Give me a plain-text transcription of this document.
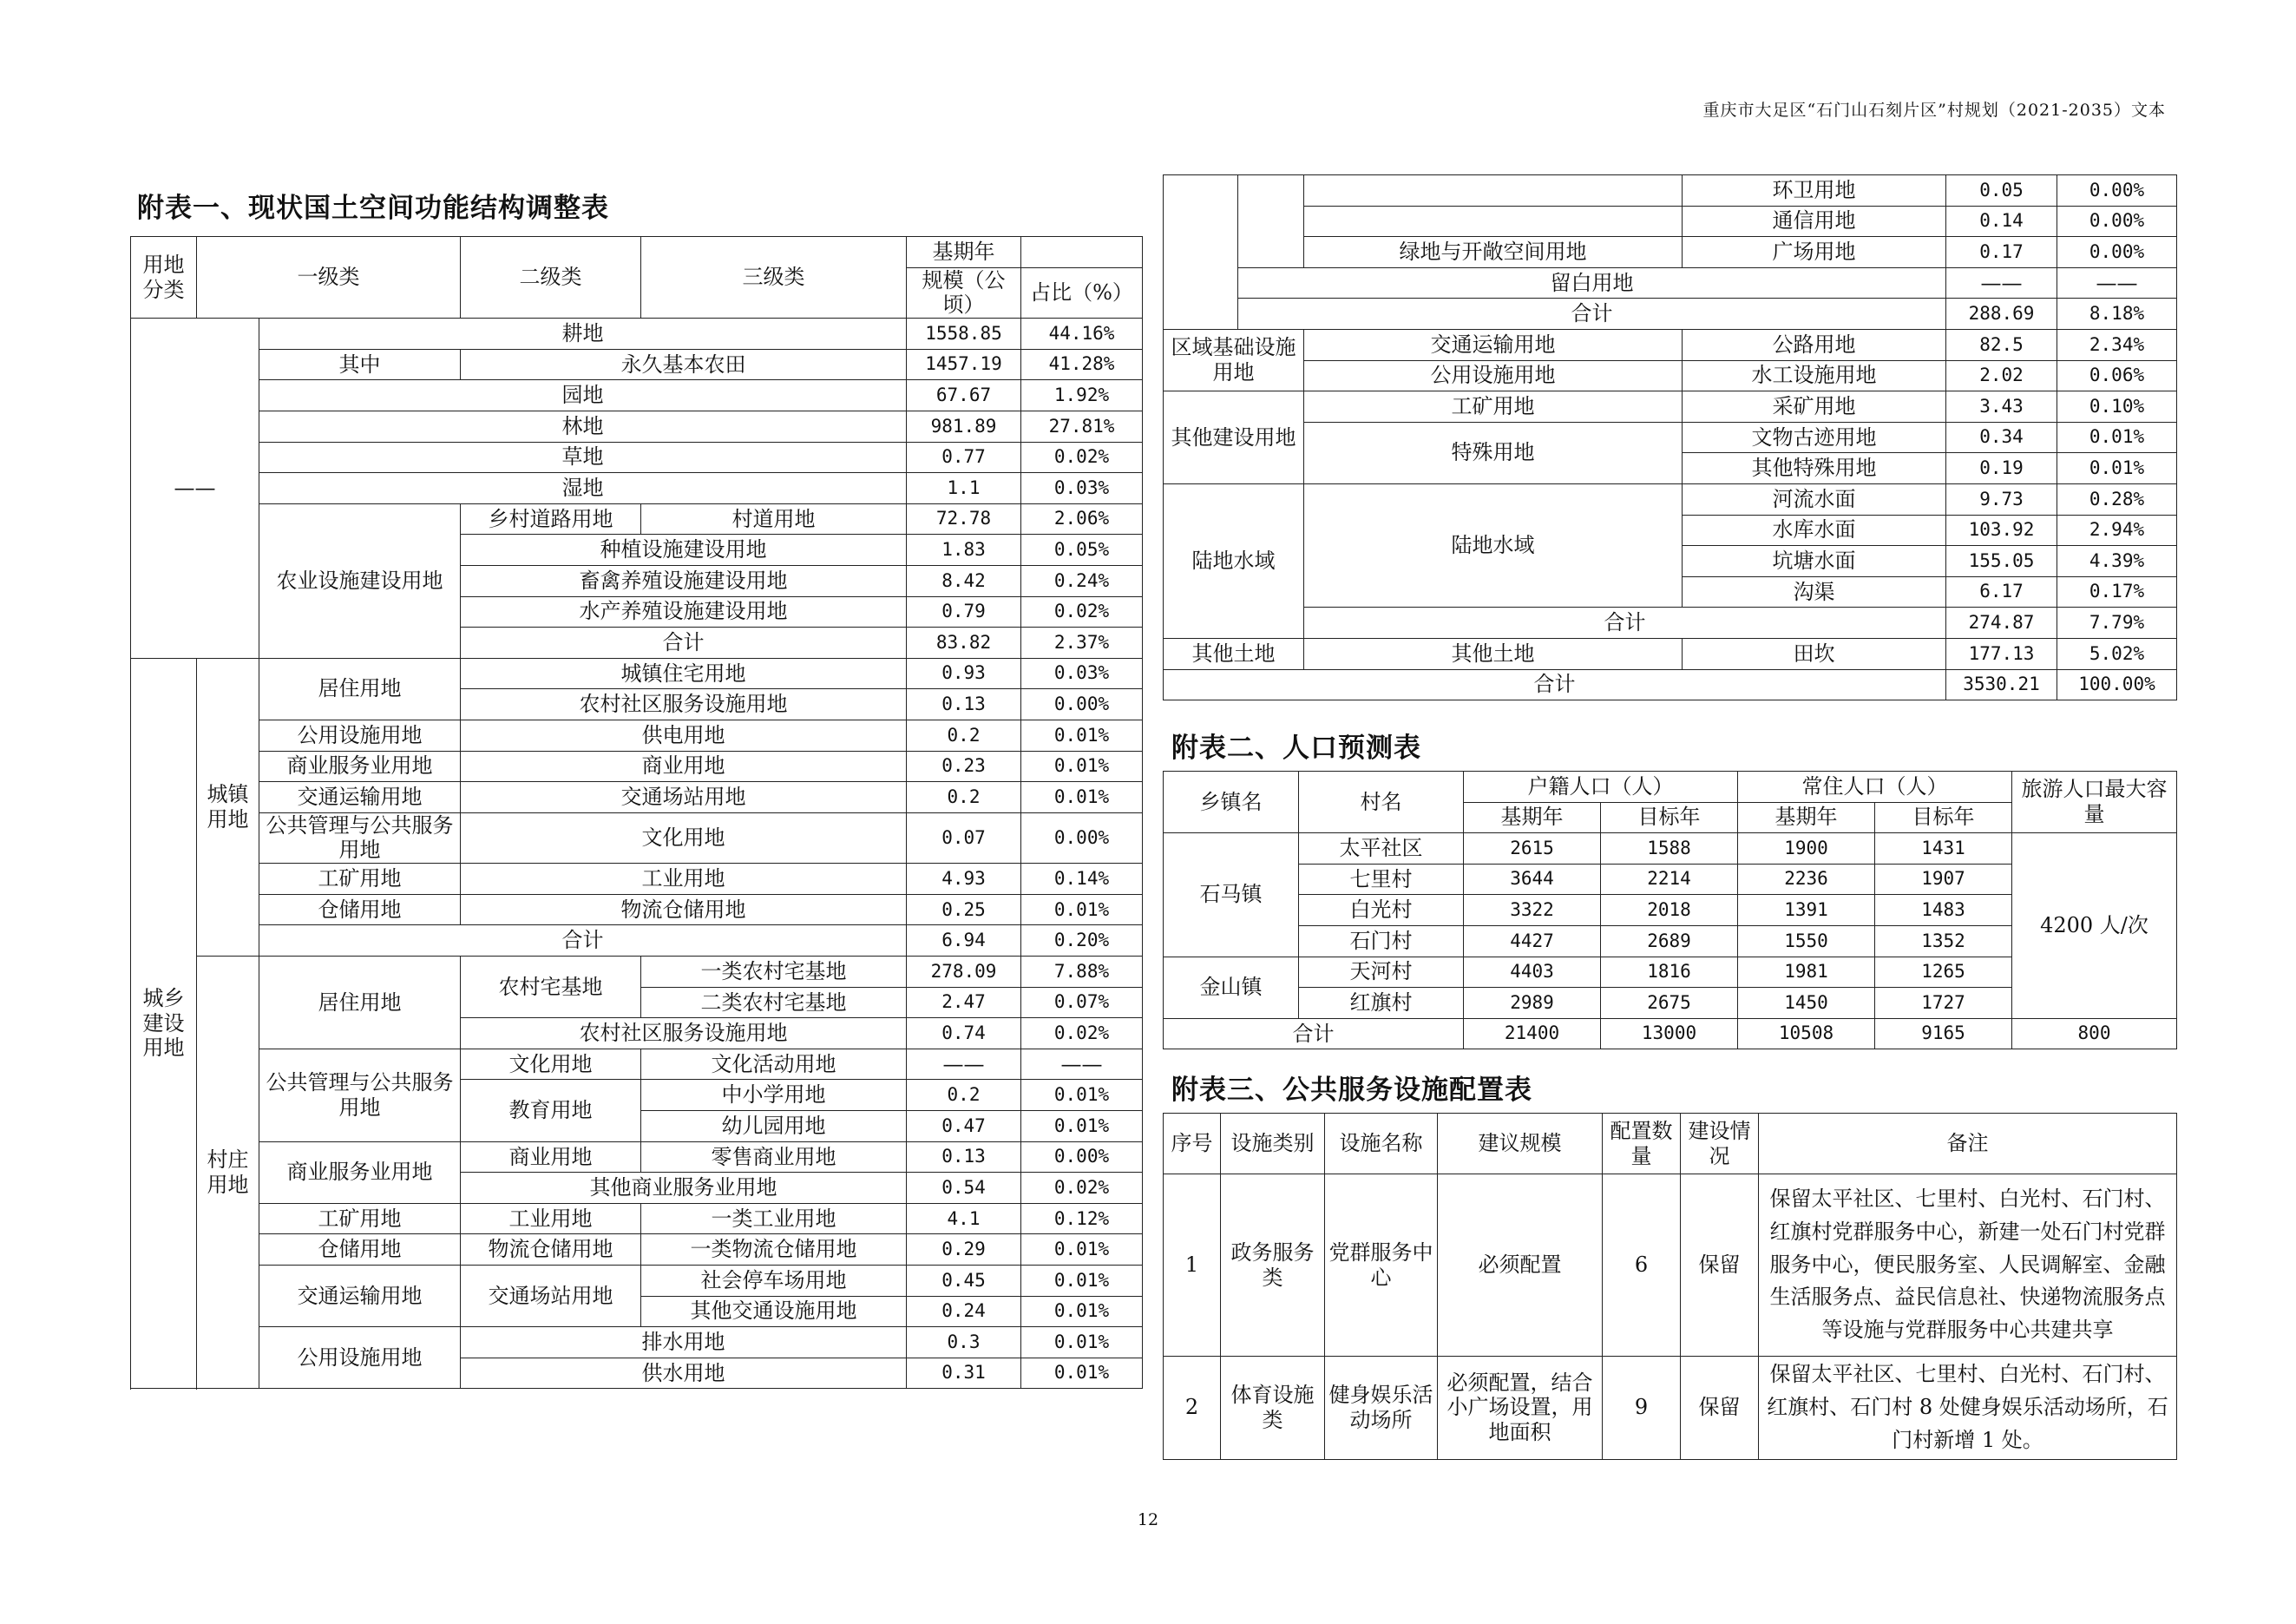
重庆市大足区“石门山石刻片区”村规划（2021-2035）文本
附表一、现状国土空间功能结构调整表
附表二、人口预测表
附表三、公共服务设施配置表
12
用地分类	一级类		二级类	三级类	基期年	
					规模（公顷）	占比（%）

——		耕地			1558.85	44.16%
		其中	永久基本农田		1457.19	41.28%
		园地			67.67	1.92%
		林地			981.89	27.81%
		草地			0.77	0.02%
		湿地			1.1	0.03%
		农业设施建设用地	乡村道路用地	村道用地	72.78	2.06%
			种植设施建设用地		1.83	0.05%
			畜禽养殖设施建设用地		8.42	0.24%
			水产养殖设施建设用地		0.79	0.02%
			合计		83.82	2.37%
城乡建设用地	城镇用地	居住用地	城镇住宅用地		0.93	0.03%
			农村社区服务设施用地		0.13	0.00%
		公用设施用地	供电用地		0.2	0.01%
		商业服务业用地	商业用地		0.23	0.01%
		交通运输用地	交通场站用地		0.2	0.01%
		公共管理与公共服务用地	文化用地		0.07	0.00%

		工矿用地	工业用地		4.93	0.14%
		仓储用地	物流仓储用地		0.25	0.01%
		合计			6.94	0.20%
	村庄用地	居住用地	农村宅基地	一类农村宅基地	278.09	7.88%
				二类农村宅基地	2.47	0.07%
			农村社区服务设施用地		0.74	0.02%
		公共管理与公共服务用地	文化用地	文化活动用地	——	——
			教育用地	中小学用地	0.2	0.01%
				幼儿园用地	0.47	0.01%
		商业服务业用地	商业用地	零售商业用地	0.13	0.00%
			其他商业服务业用地		0.54	0.02%
		工矿用地	工业用地	一类工业用地	4.1	0.12%
		仓储用地	物流仓储用地	一类物流仓储用地	0.29	0.01%
		交通运输用地	交通场站用地	社会停车场用地	0.45	0.01%
				其他交通设施用地	0.24	0.01%
		公用设施用地	排水用地		0.3	0.01%
			供水用地		0.31	0.01%

			环卫用地	0.05	0.00%
			通信用地	0.14	0.00%
		绿地与开敞空间用地	广场用地	0.17	0.00%
	留白用地			——	——
	合计			288.69	8.18%
区域基础设施用地		交通运输用地	公路用地	82.5	2.34%
		公用设施用地	水工设施用地	2.02	0.06%
其他建设用地		工矿用地	采矿用地	3.43	0.10%
		特殊用地	文物古迹用地	0.34	0.01%
			其他特殊用地	0.19	0.01%
陆地水域		陆地水域	河流水面	9.73	0.28%
			水库水面	103.92	2.94%
			坑塘水面	155.05	4.39%
			沟渠	6.17	0.17%
		合计		274.87	7.79%
其他土地		其他土地	田坎	177.13	5.02%
合计				3530.21	100.00%
乡镇名	村名	户籍人口（人）		常住人口（人）		旅游人口最大容量
		基期年	目标年	基期年	目标年	
石马镇	太平社区	2615	1588	1900	1431	4200 人/次
	七里村	3644	2214	2236	1907	
	白光村	3322	2018	1391	1483	
	石门村	4427	2689	1550	1352	
金山镇	天河村	4403	1816	1981	1265	
	红旗村	2989	2675	1450	1727	
合计		21400	13000	10508	9165	800
序号	设施类别	设施名称	建议规模	配置数量	建设情况	备注
1	政务服务类	党群服务中心	必须配置	6	保留	保留太平社区、七里村、白光村、石门村、红旗村党群服务中心，新建一处石门村党群服务中心，便民服务室、人民调解室、金融生活服务点、益民信息社、快递物流服务点等设施与党群服务中心共建共享
2	体育设施类	健身娱乐活动场所	必须配置，结合小广场设置，用地面积	9	保留	保留太平社区、七里村、白光村、石门村、红旗村、石门村 8 处健身娱乐活动场所，石门村新增 1 处。
